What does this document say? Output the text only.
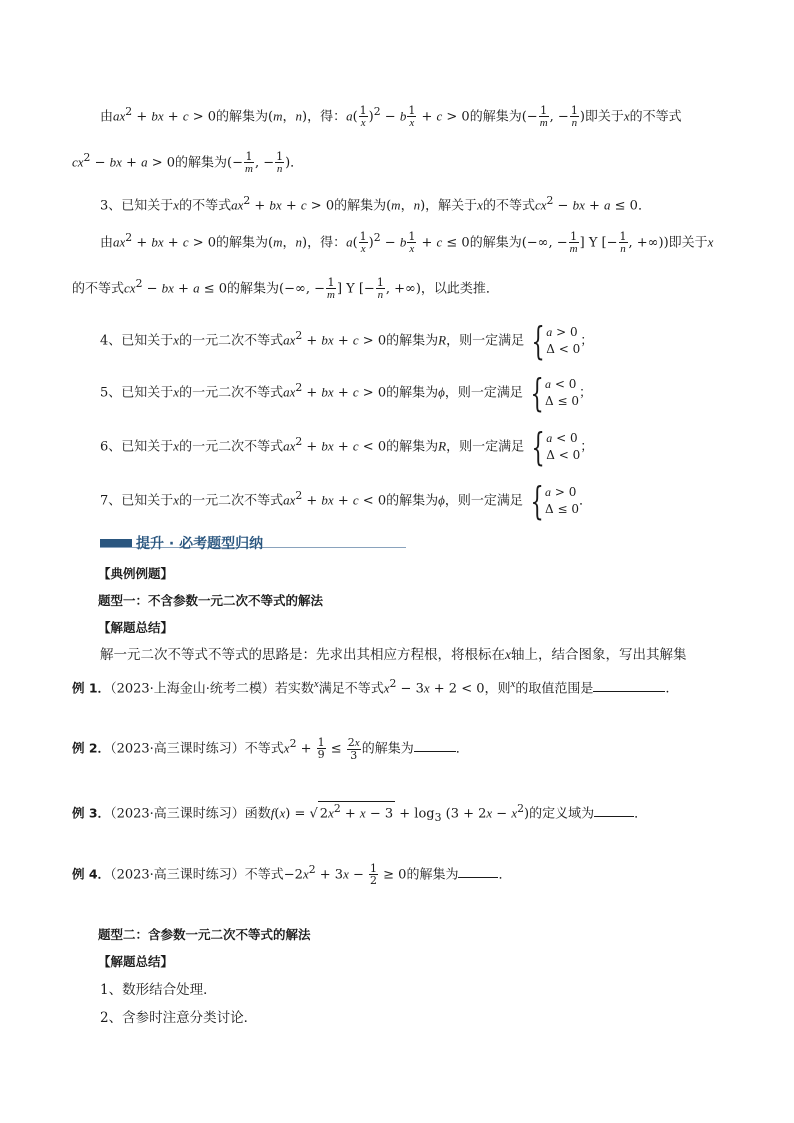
由$ax^2$ + bx + c > 0的解集为(m，n)，得：$a( \frac{1}{x} )^2 - b \frac{1}{x} + c > 0$的解集为(− $\frac{1}{m}$ , − $\frac{1}{n}$ )即关于x的不等式
$cx^2$ − bx + a > 0的解集为(− $\frac{1}{m}$ , − $\frac{1}{n}$ )．
3、已知关于x的不等式$ax^2$ + bx + c > 0的解集为(m，n)，解关于x的不等式$cx^2$ − bx + a ≤ 0．
由$ax^2$ + bx + c > 0的解集为(m，n)，得：$a( \frac{1}{x} )^2 - b \frac{1}{x} + c \le 0$的解集为(−∞, − $\frac{1}{m}$ ] Y [− $\frac{1}{n}$ , +∞))即关于x
的不等式$cx^2$ − bx + a ≤ 0的解集为(−∞, − $\frac{1}{m}$ ] Y [− $\frac{1}{n}$ , +∞)，以此类推．
4、已知关于x的一元二次不等式$ax^2$ + bx + c > 0的解集为R，则一定满足 { a > 0
Δ < 0
；
5、已知关于x的一元二次不等式$ax^2$ + bx + c > 0的解集为ϕ，则一定满足 { a < 0
Δ ≤ 0
；
6、已知关于x的一元二次不等式$ax^2$ + bx + c < 0的解集为R，则一定满足 { a < 0
Δ < 0
；
7、已知关于x的一元二次不等式$ax^2$ + bx + c < 0的解集为ϕ，则一定满足 { a > 0
Δ ≤ 0
．
提升 · 必考题型归纳
【典例例题】
题型一：不含参数一元二次不等式的解法
【解题总结】
解一元二次不等式不等式的思路是：先求出其相应方程根，将根标在x轴上，结合图象，写出其解集
例 1．（2023·上海金山·统考二模）若实数$^x$满足不等式$x^2 - 3x + 2 < 0$，则$^x$的取值范围是	.
例 2．（2023·高三课时练习）不等式$x^2 + \frac{1}{9} \le \frac{2x}{3}$ 的解集为	．
例 3．（2023·高三课时练习）函数f(x) = √ $2x^2 + x - 3 + \log_3 (3 + 2x - x^2)$的定义域为	．
例 4．（2023·高三课时练习）不等式$-2x^2 + 3x - \frac{1}{2} \ge 0$的解集为	．
题型二：含参数一元二次不等式的解法
【解题总结】
1、数形结合处理．
2、含参时注意分类讨论．
